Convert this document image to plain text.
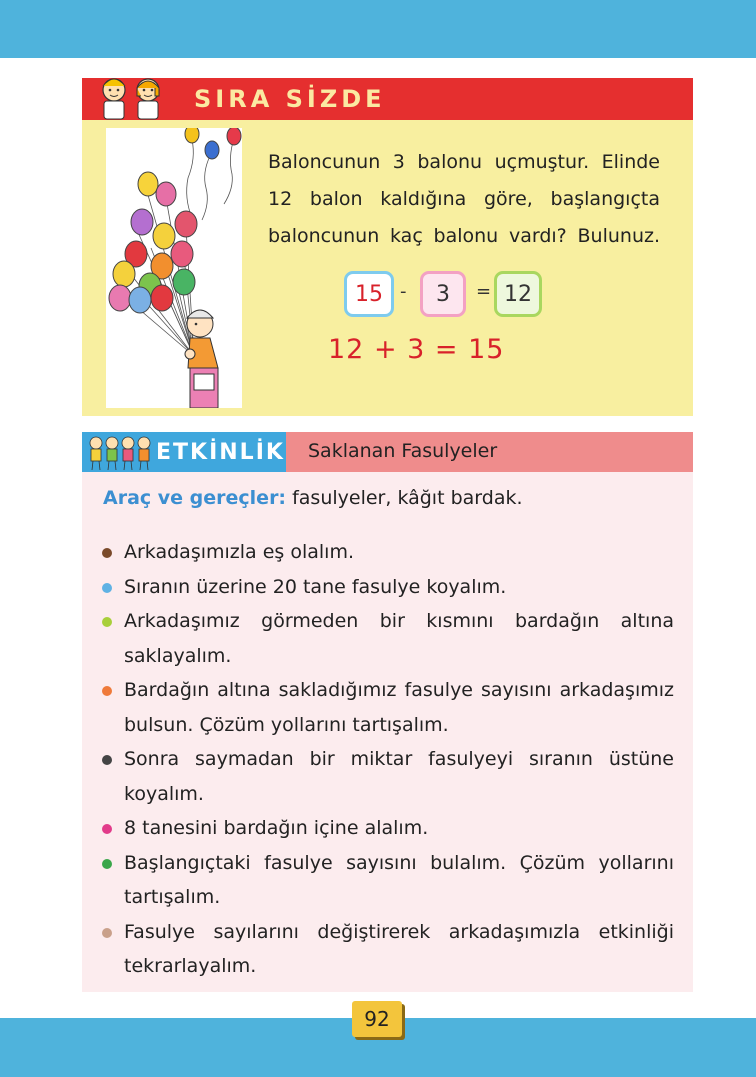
SIRA SİZDE
Baloncunun 3 balonu uçmuştur. Elinde
12 balon kaldığına göre, başlangıçta
baloncunun kaç balonu vardı? Bulunuz.
15 -	3	= 12
12 + 3 = 15
ETKİNLİK Saklanan Fasulyeler
Araç ve gereçler: fasulyeler, kâğıt bardak.
Arkadaşımızla eş olalım.
Sıranın üzerine 20 tane fasulye koyalım.
Arkadaşımız görmeden bir kısmını bardağın altına saklayalım.
Bardağın altına sakladığımız fasulye sayısını arkadaşımız bulsun. Çözüm yollarını tartışalım.
Sonra saymadan bir miktar fasulyeyi sıranın üstüne koyalım.
8 tanesini bardağın içine alalım.
Başlangıçtaki fasulye sayısını bulalım. Çözüm yollarını tartışalım.
Fasulye sayılarını değiştirerek arkadaşımızla etkinliği tekrarlayalım.
92
